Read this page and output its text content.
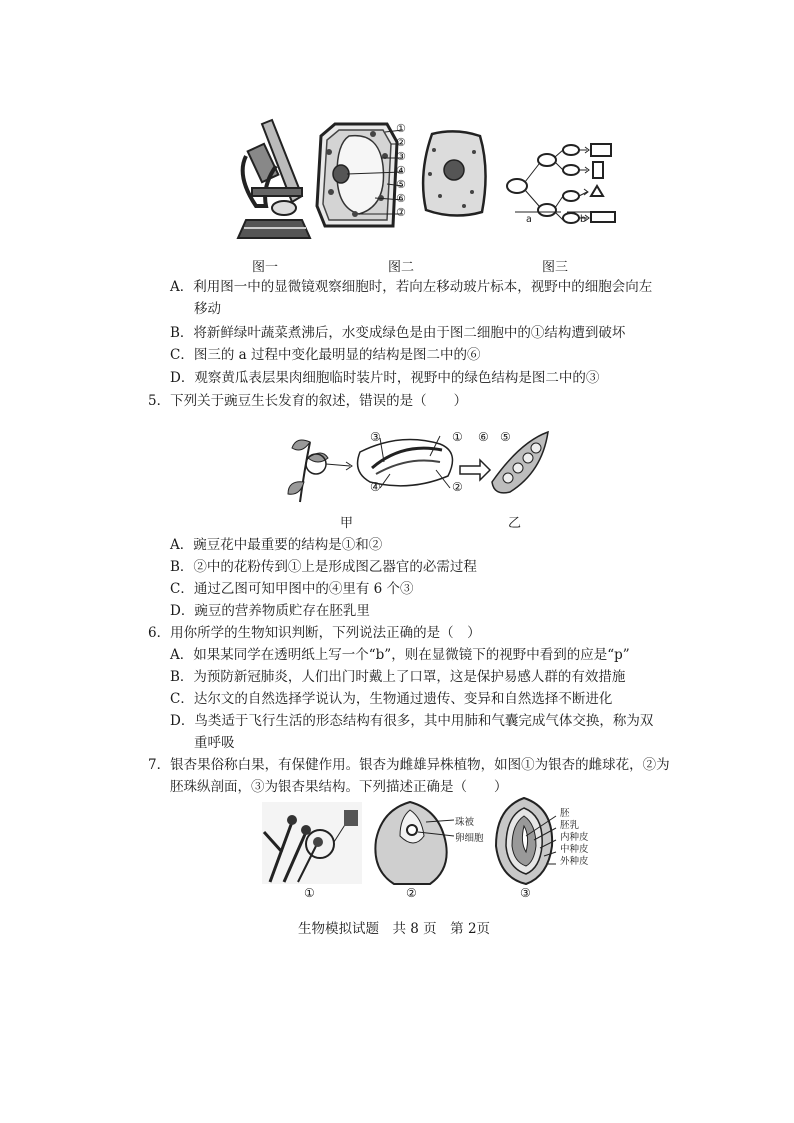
①
②
③
④
⑤
⑥
⑦
a	b
图一	图二	图三
A．利用图一中的显微镜观察细胞时，若向左移动玻片标本，视野中的细胞会向左
移动
B．将新鲜绿叶蔬菜煮沸后，水变成绿色是由于图二细胞中的①结构遭到破坏
C．图三的 a 过程中变化最明显的结构是图二中的⑥
D．观察黄瓜表层果肉细胞临时装片时，视野中的绿色结构是图二中的③
5．下列关于豌豆生长发育的叙述，错误的是（　　）
③	①
④	②
⑥ ⑤
甲	乙
A．豌豆花中最重要的结构是①和②
B．②中的花粉传到①上是形成图乙器官的必需过程
C．通过乙图可知甲图中的④里有 6 个③
D．豌豆的营养物质贮存在胚乳里
6．用你所学的生物知识判断，下列说法正确的是（　）
A．如果某同学在透明纸上写一个“b”，则在显微镜下的视野中看到的应是“p”
B．为预防新冠肺炎，人们出门时戴上了口罩，这是保护易感人群的有效措施
C．达尔文的自然选择学说认为，生物通过遗传、变异和自然选择不断进化
D．鸟类适于飞行生活的形态结构有很多，其中用肺和气囊完成气体交换，称为双
重呼吸
7．银杏果俗称白果，有保健作用。银杏为雌雄异株植物，如图①为银杏的雌球花，②为
胚珠纵剖面，③为银杏果结构。下列描述正确是（　　）
珠被
卵细胞
胚
胚乳
内种皮
中种皮
外种皮
①	②	③
生物模拟试题　共 8 页　第 2页
